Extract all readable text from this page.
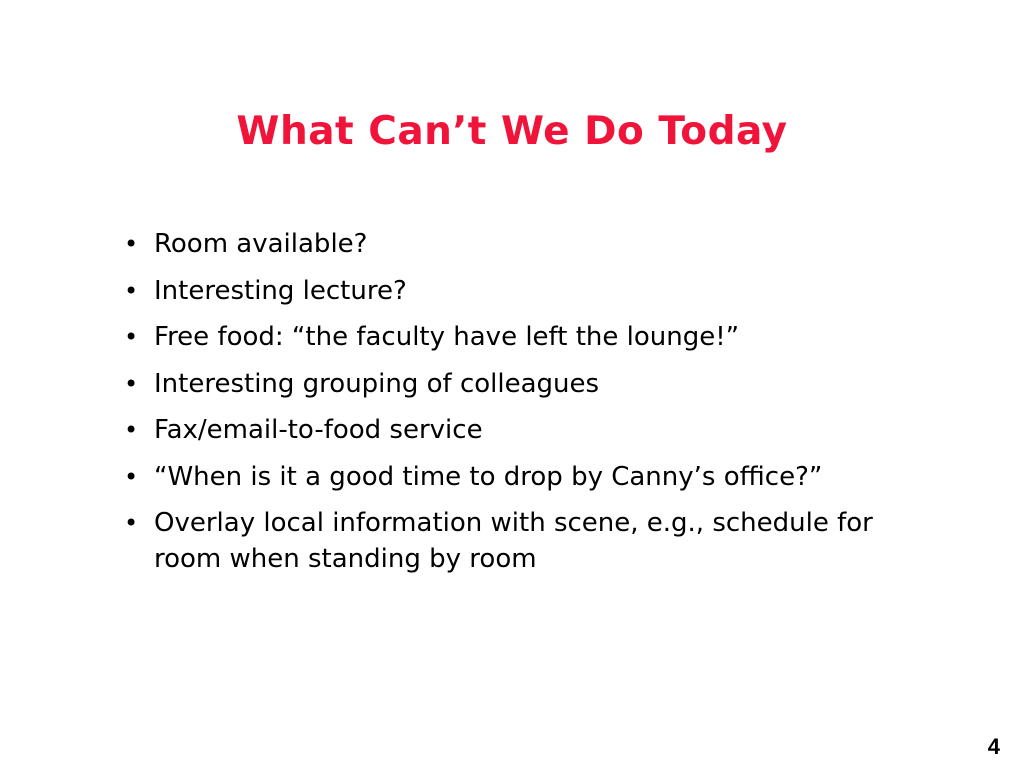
What Can’t We Do Today
• Room available?
• Interesting lecture?
• Free food: “the faculty have left the lounge!”
• Interesting grouping of colleagues
• Fax/email-to-food service
• “When is it a good time to drop by Canny’s office?”
• Overlay local information with scene, e.g., schedule for room when standing by room
4
